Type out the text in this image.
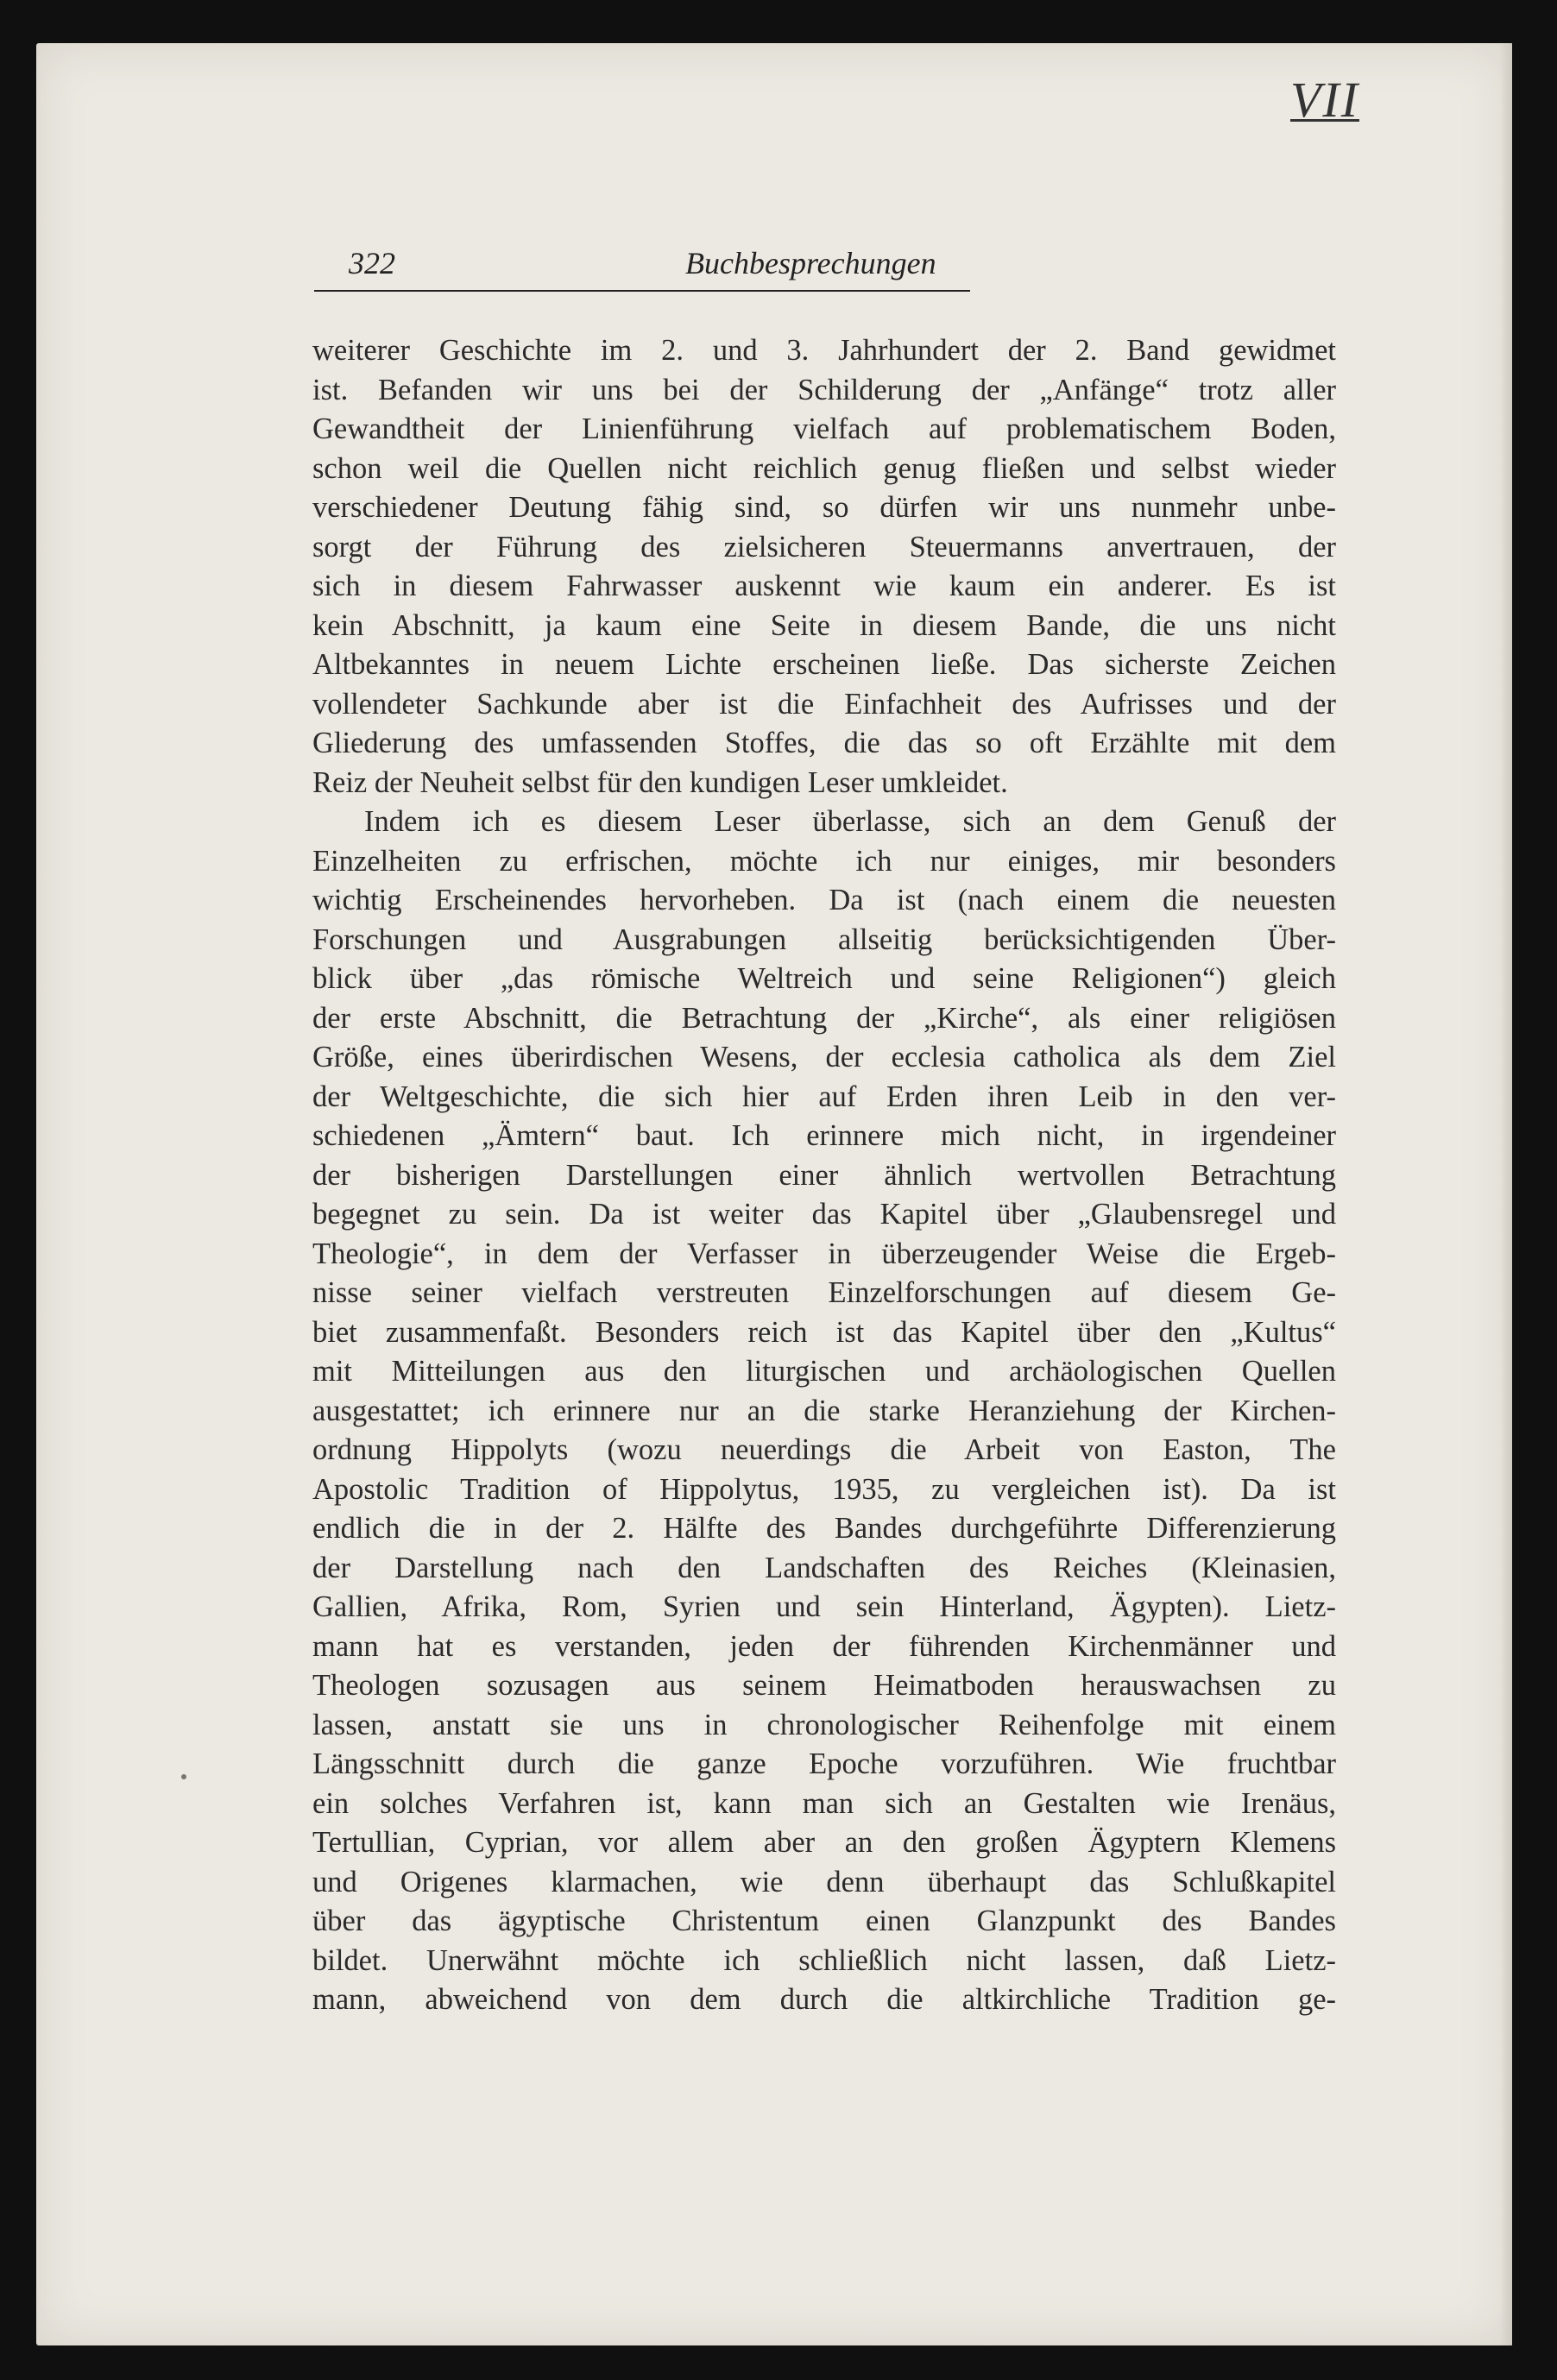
VII
322	Buchbesprechungen
weiterer Geschichte im 2. und 3. Jahrhundert der 2. Band gewidmet
ist. Befanden wir uns bei der Schilderung der „Anfänge“ trotz aller
Gewandtheit der Linienführung vielfach auf problematischem Boden,
schon weil die Quellen nicht reichlich genug fließen und selbst wieder
verschiedener Deutung fähig sind, so dürfen wir uns nunmehr unbe-
sorgt der Führung des zielsicheren Steuermanns anvertrauen, der
sich in diesem Fahrwasser auskennt wie kaum ein anderer. Es ist
kein Abschnitt, ja kaum eine Seite in diesem Bande, die uns nicht
Altbekanntes in neuem Lichte erscheinen ließe. Das sicherste Zeichen
vollendeter Sachkunde aber ist die Einfachheit des Aufrisses und der
Gliederung des umfassenden Stoffes, die das so oft Erzählte mit dem
Reiz der Neuheit selbst für den kundigen Leser umkleidet.
Indem ich es diesem Leser überlasse, sich an dem Genuß der
Einzelheiten zu erfrischen, möchte ich nur einiges, mir besonders
wichtig Erscheinendes hervorheben. Da ist (nach einem die neuesten
Forschungen und Ausgrabungen allseitig berücksichtigenden Über-
blick über „das römische Weltreich und seine Religionen“) gleich
der erste Abschnitt, die Betrachtung der „Kirche“, als einer religiösen
Größe, eines überirdischen Wesens, der ecclesia catholica als dem Ziel
der Weltgeschichte, die sich hier auf Erden ihren Leib in den ver-
schiedenen „Ämtern“ baut. Ich erinnere mich nicht, in irgendeiner
der bisherigen Darstellungen einer ähnlich wertvollen Betrachtung
begegnet zu sein. Da ist weiter das Kapitel über „Glaubensregel und
Theologie“, in dem der Verfasser in überzeugender Weise die Ergeb-
nisse seiner vielfach verstreuten Einzelforschungen auf diesem Ge-
biet zusammenfaßt. Besonders reich ist das Kapitel über den „Kultus“
mit Mitteilungen aus den liturgischen und archäologischen Quellen
ausgestattet; ich erinnere nur an die starke Heranziehung der Kirchen-
ordnung Hippolyts (wozu neuerdings die Arbeit von Easton, The
Apostolic Tradition of Hippolytus, 1935, zu vergleichen ist). Da ist
endlich die in der 2. Hälfte des Bandes durchgeführte Differenzierung
der Darstellung nach den Landschaften des Reiches (Kleinasien,
Gallien, Afrika, Rom, Syrien und sein Hinterland, Ägypten). Lietz-
mann hat es verstanden, jeden der führenden Kirchenmänner und
Theologen sozusagen aus seinem Heimatboden herauswachsen zu
lassen, anstatt sie uns in chronologischer Reihenfolge mit einem
Längsschnitt durch die ganze Epoche vorzuführen. Wie fruchtbar
ein solches Verfahren ist, kann man sich an Gestalten wie Irenäus,
Tertullian, Cyprian, vor allem aber an den großen Ägyptern Klemens
und Origenes klarmachen, wie denn überhaupt das Schlußkapitel
über das ägyptische Christentum einen Glanzpunkt des Bandes
bildet. Unerwähnt möchte ich schließlich nicht lassen, daß Lietz-
mann, abweichend von dem durch die altkirchliche Tradition ge-
